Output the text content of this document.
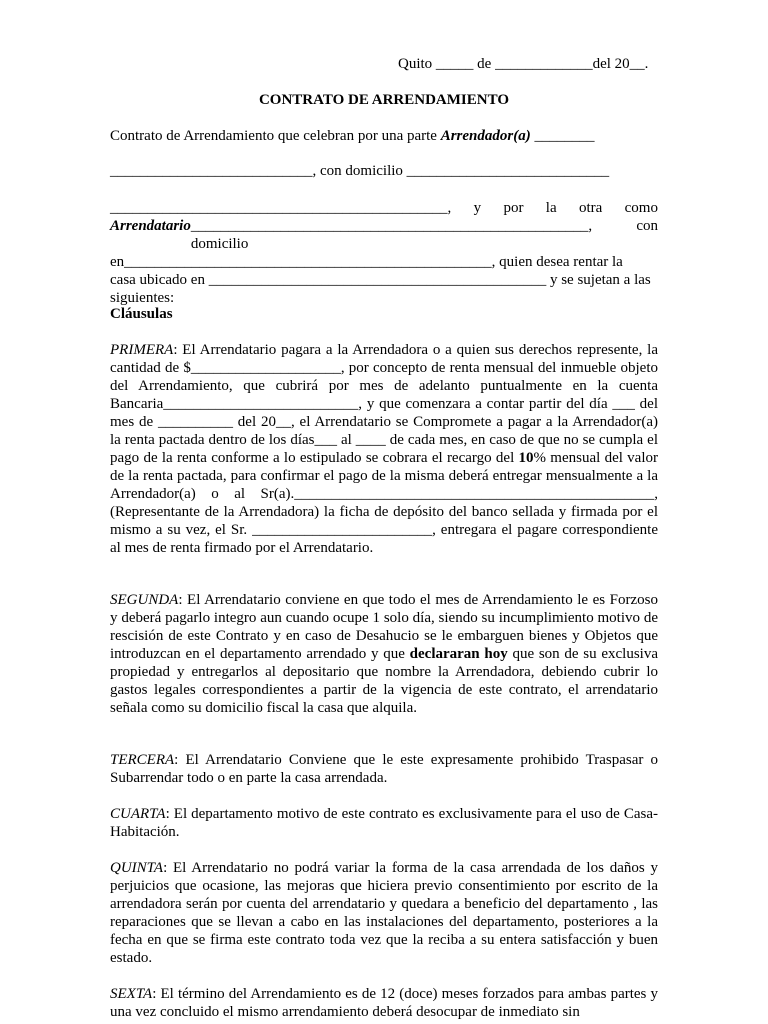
Quito _____ de _____________del 20__.
CONTRATO DE ARRENDAMIENTO
Contrato de Arrendamiento que celebran por una parte Arrendador(a) ________
___________________________, con domicilio ___________________________
_____________________________________________, y por la otra como
Arrendatario _____________________________________________________, con domicilio
en_________________________________________________, quien desea rentar la
casa ubicado en _____________________________________________ y se sujetan a las
siguientes:
Cláusulas

PRIMERA: El Arrendatario pagara a la Arrendadora o a quien sus derechos represente, la cantidad de $____________________, por concepto de renta mensual del inmueble objeto del Arrendamiento, que cubrirá por mes de adelanto puntualmente en la cuenta Bancaria__________________________, y que comenzara a contar partir del día ___ del mes de __________ del 20__, el Arrendatario se Compromete a pagar a la Arrendador(a) la renta pactada dentro de los días___ al ____ de cada mes, en caso de que no se cumpla el pago de la renta conforme a lo estipulado se cobrara el recargo del 10% mensual del valor de la renta pactada, para confirmar el pago de la misma deberá entregar mensualmente a la Arrendador(a) o al Sr(a).________________________________________________, (Representante de la Arrendadora) la ficha de depósito del banco sellada y firmada por el mismo a su vez, el Sr. ________________________, entregara el pagare correspondiente al mes de renta firmado por el Arrendatario.

SEGUNDA: El Arrendatario conviene en que todo el mes de Arrendamiento le es Forzoso y deberá pagarlo integro aun cuando ocupe 1 solo día, siendo su incumplimiento motivo de rescisión de este Contrato y en caso de Desahucio se le embarguen bienes y Objetos que introduzcan en el departamento arrendado y que declararan hoy que son de su exclusiva propiedad y entregarlos al depositario que nombre la Arrendadora, debiendo cubrir lo gastos legales correspondientes a partir de la vigencia de este contrato, el arrendatario señala como su domicilio fiscal la casa que alquila.

TERCERA: El Arrendatario Conviene que le este expresamente prohibido Traspasar o Subarrendar todo o en parte la casa arrendada.

CUARTA: El departamento motivo de este contrato es exclusivamente para el uso de Casa-Habitación.

QUINTA: El Arrendatario no podrá variar la forma de la casa arrendada de los daños y perjuicios que ocasione, las mejoras que hiciera previo consentimiento por escrito de la arrendadora serán por cuenta del arrendatario y quedara a beneficio del departamento , las reparaciones que se llevan a cabo en las instalaciones del departamento, posteriores a la fecha en que se firma este contrato toda vez que la reciba a su entera satisfacción y buen estado.

SEXTA: El término del Arrendamiento es de 12 (doce) meses forzados para ambas partes y una vez concluido el mismo arrendamiento deberá desocupar de inmediato sin
